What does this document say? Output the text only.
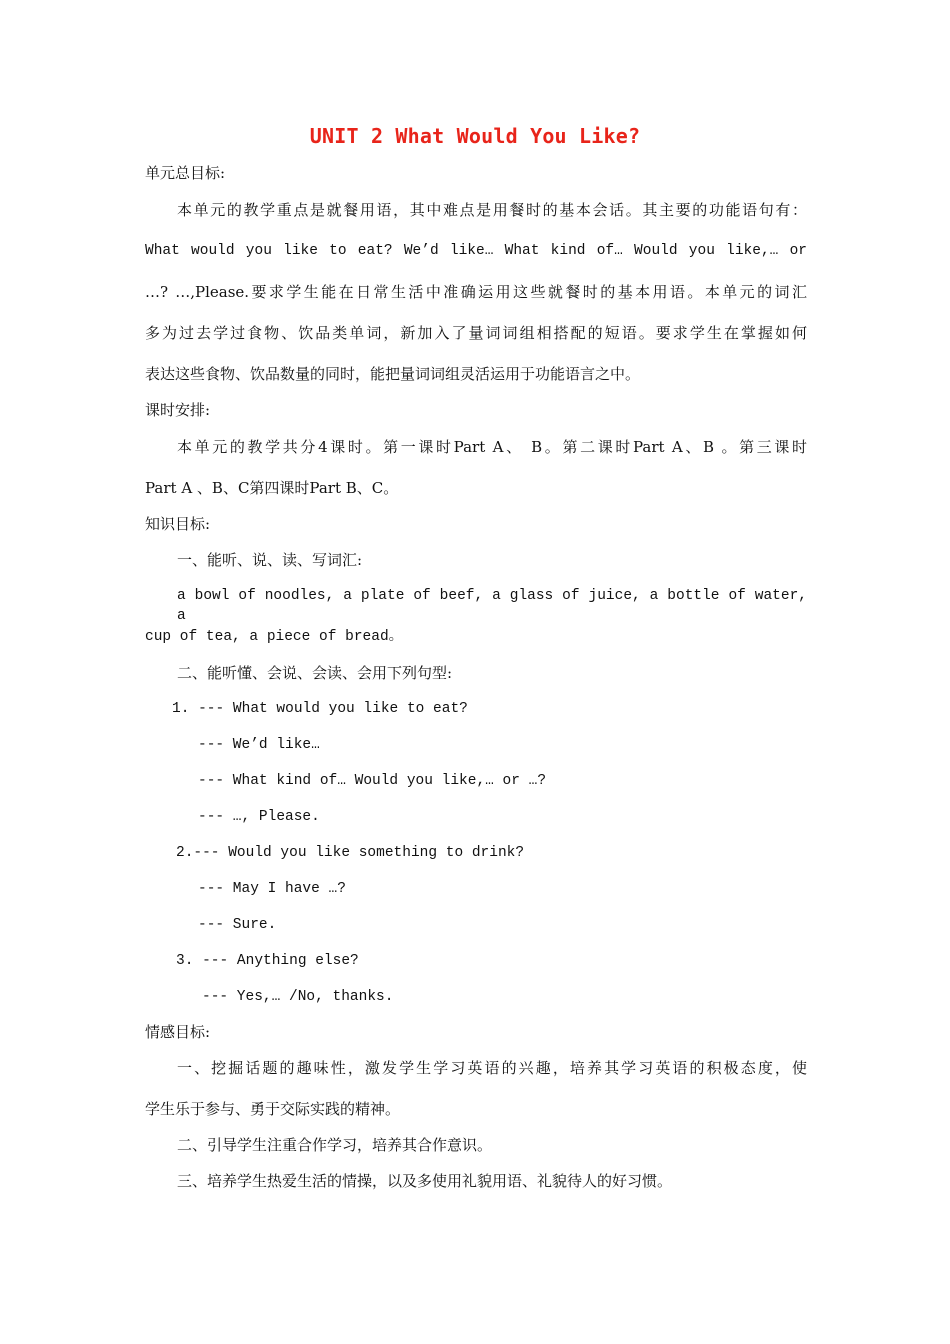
UNIT 2 What Would You Like?
单元总目标:
本单元的教学重点是就餐用语，其中难点是用餐时的基本会话。其主要的功能语句有：
What would you like to eat? We’d like… What kind of… Would you like,… or
…? …,Please.要求学生能在日常生活中准确运用这些就餐时的基本用语。本单元的词汇
多为过去学过食物、饮品类单词，新加入了量词词组相搭配的短语。要求学生在掌握如何
表达这些食物、饮品数量的同时，能把量词词组灵活运用于功能语言之中。
课时安排:
本单元的教学共分4课时。第一课时Part A、 B。第二课时Part A、B 。第三课时
Part A 、B、C第四课时Part B、C。
知识目标:
一、能听、说、读、写词汇:
a bowl of noodles, a plate of beef, a glass of juice, a bottle of water, a
cup of tea, a piece of bread。
二、能听懂、会说、会读、会用下列句型:
1. --- What would you like to eat?
--- We’d like…
--- What kind of… Would you like,… or …?
--- …, Please.
2.--- Would you like something to drink?
--- May I have …?
--- Sure.
3. --- Anything else?
--- Yes,… /No, thanks.
情感目标:
一、挖掘话题的趣味性，激发学生学习英语的兴趣，培养其学习英语的积极态度，使
学生乐于参与、勇于交际实践的精神。
二、引导学生注重合作学习，培养其合作意识。
三、培养学生热爱生活的情操，以及多使用礼貌用语、礼貌待人的好习惯。
